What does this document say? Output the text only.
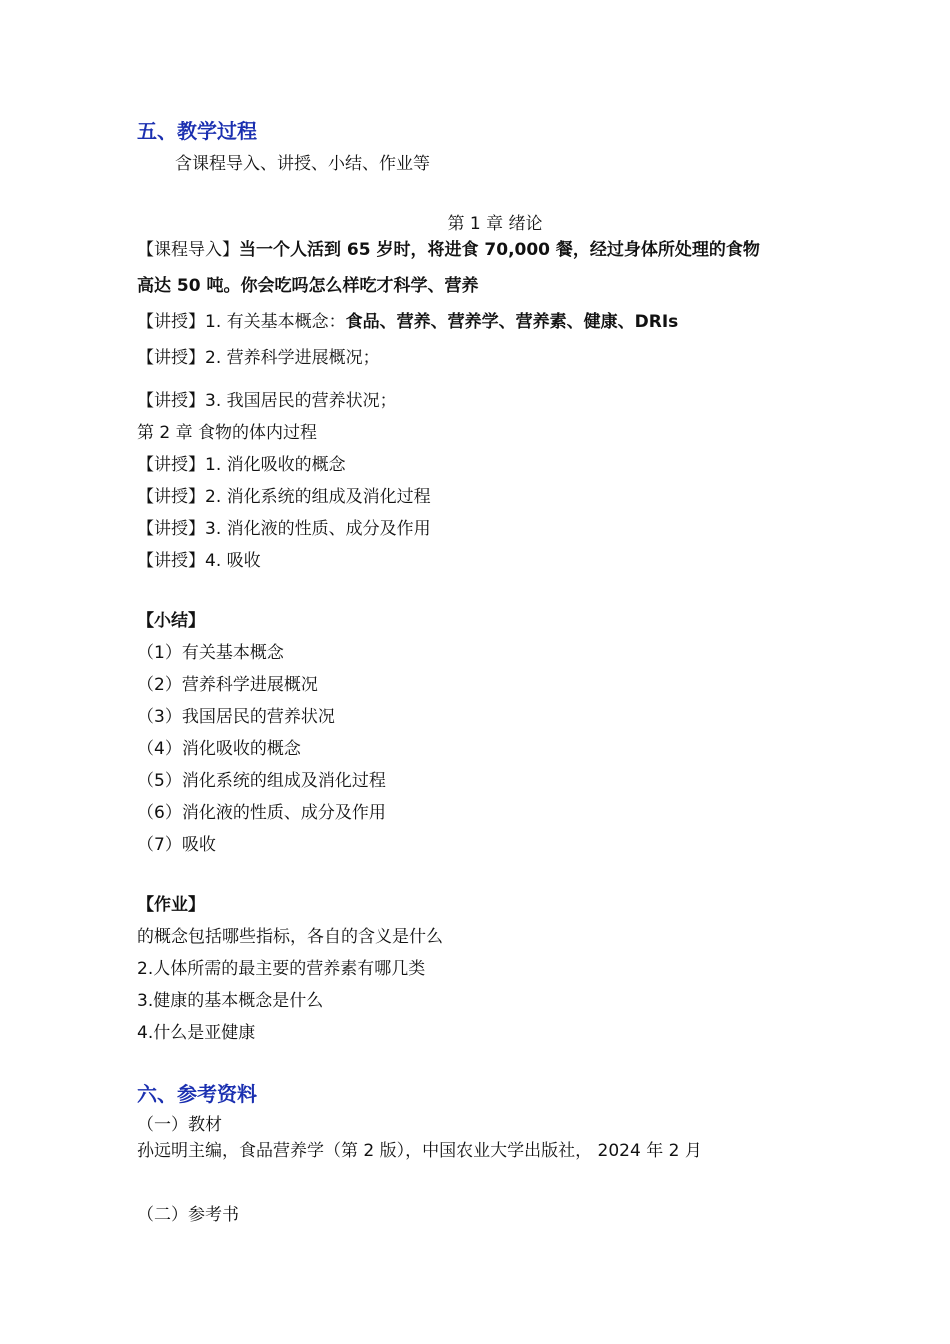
五、教学过程
含课程导入、讲授、小结、作业等
第 1 章 绪论
【课程导入】当一个人活到 65 岁时，将进食 70,000 餐，经过身体所处理的食物
高达 50 吨。你会吃吗怎么样吃才科学、营养
【讲授】1. 有关基本概念：食品、营养、营养学、营养素、健康、DRIs
【讲授】2. 营养科学进展概况；
【讲授】3. 我国居民的营养状况；
第 2 章 食物的体内过程
【讲授】1. 消化吸收的概念
【讲授】2. 消化系统的组成及消化过程
【讲授】3. 消化液的性质、成分及作用
【讲授】4. 吸收
【小结】
（1）有关基本概念
（2）营养科学进展概况
（3）我国居民的营养状况
（4）消化吸收的概念
（5）消化系统的组成及消化过程
（6）消化液的性质、成分及作用
（7）吸收
【作业】
的概念包括哪些指标，各自的含义是什么
2.人体所需的最主要的营养素有哪几类
3.健康的基本概念是什么
4.什么是亚健康
六、参考资料
（一）教材
孙远明主编，食品营养学（第 2 版），中国农业大学出版社， 2024 年 2 月
（二）参考书
